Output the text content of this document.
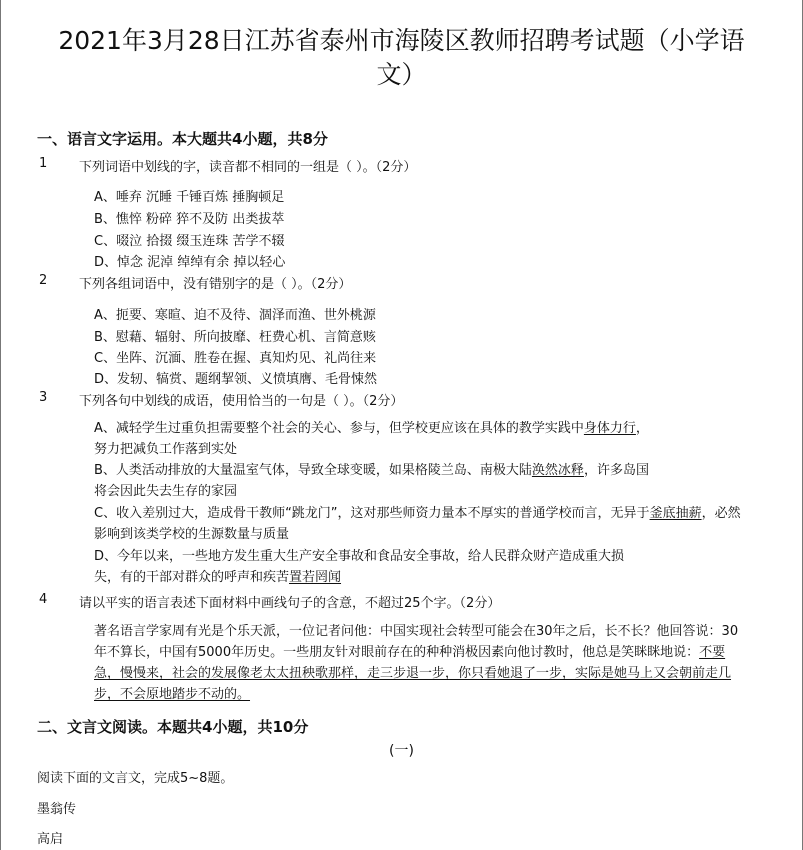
2021年3月28日江苏省泰州市海陵区教师招聘考试题（小学语文）
一、语言文字运用。本大题共4小题，共8分
1 下列词语中划线的字，读音都不相同的一组是（ ）。（2分）
A、唾弃 沉睡 千锤百炼 捶胸顿足
B、憔悴 粉碎 猝不及防 出类拔萃
C、啜泣 拾掇 缀玉连珠 苦学不辍
D、悼念 泥淖 绰绰有余 掉以轻心
2 下列各组词语中，没有错别字的是（ ）。（2分）
A、扼要、寒暄、迫不及待、涸泽而渔、世外桃源
B、慰藉、辐射、所向披靡、枉费心机、言简意赅
C、坐阵、沉湎、胜卷在握、真知灼见、礼尚往来
D、发轫、犒赏、题纲挈领、义愤填膺、毛骨悚然
3 下列各句中划线的成语，使用恰当的一句是（ ）。（2分）
A、减轻学生过重负担需要整个社会的关心、参与，但学校更应该在具体的教学实践中身体力行，
努力把减负工作落到实处
B、人类活动排放的大量温室气体，导致全球变暖，如果格陵兰岛、南极大陆涣然冰释，许多岛国
将会因此失去生存的家园
C、收入差别过大，造成骨干教师“跳龙门”，这对那些师资力量本不厚实的普通学校而言，无异于釜底抽薪，必然影响到该类学校的生源数量与质量
D、今年以来，一些地方发生重大生产安全事故和食品安全事故，给人民群众财产造成重大损
失，有的干部对群众的呼声和疾苦置若罔闻
4 请以平实的语言表述下面材料中画线句子的含意，不超过25个字。（2分）
著名语言学家周有光是个乐天派，一位记者问他：中国实现社会转型可能会在30年之后，长不长？他回答说：30年不算长，中国有5000年历史。一些朋友针对眼前存在的种种消极因素向他讨教时，他总是笑眯眯地说：不要急，慢慢来，社会的发展像老太太扭秧歌那样，走三步退一步，你只看她退了一步，实际是她马上又会朝前走几步，不会原地踏步不动的。
二、文言文阅读。本题共4小题，共10分
(一)
阅读下面的文言文，完成5~8题。
墨翁传
高启
